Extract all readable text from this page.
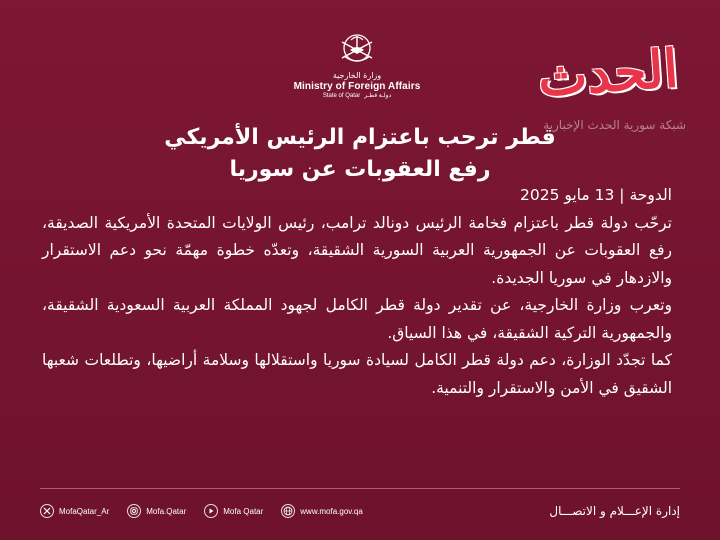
وزارة الخارجية
Ministry of Foreign Affairs
State of Qatar دولـة قطـر	الحدث
شبكة سورية الحدث الإخبارية
قطر ترحب باعتزام الرئيس الأمريكي
رفع العقوبات عن سوريا
الدوحة | 13 مايو 2025

ترحّب دولة قطر باعتزام فخامة الرئيس دونالد ترامب، رئيس الولايات المتحدة الأمريكية الصديقة، رفع العقوبات عن الجمهورية العربية السورية الشقيقة، وتعدّه خطوة مهمّة نحو دعم الاستقرار والازدهار في سوريا الجديدة.

وتعرب وزارة الخارجية، عن تقدير دولة قطر الكامل لجهود المملكة العربية السعودية الشقيقة، والجمهورية التركية الشقيقة، في هذا السياق.

كما تجدّد الوزارة، دعم دولة قطر الكامل لسيادة سوريا واستقلالها وسلامة أراضيها، وتطلعات شعبها الشقيق في الأمن والاستقرار والتنمية.

MofaQatar_Ar	Mofa.Qatar	Mofa Qatar	www.mofa.gov.qa	إدارة الإعـــلام و الاتصـــال
